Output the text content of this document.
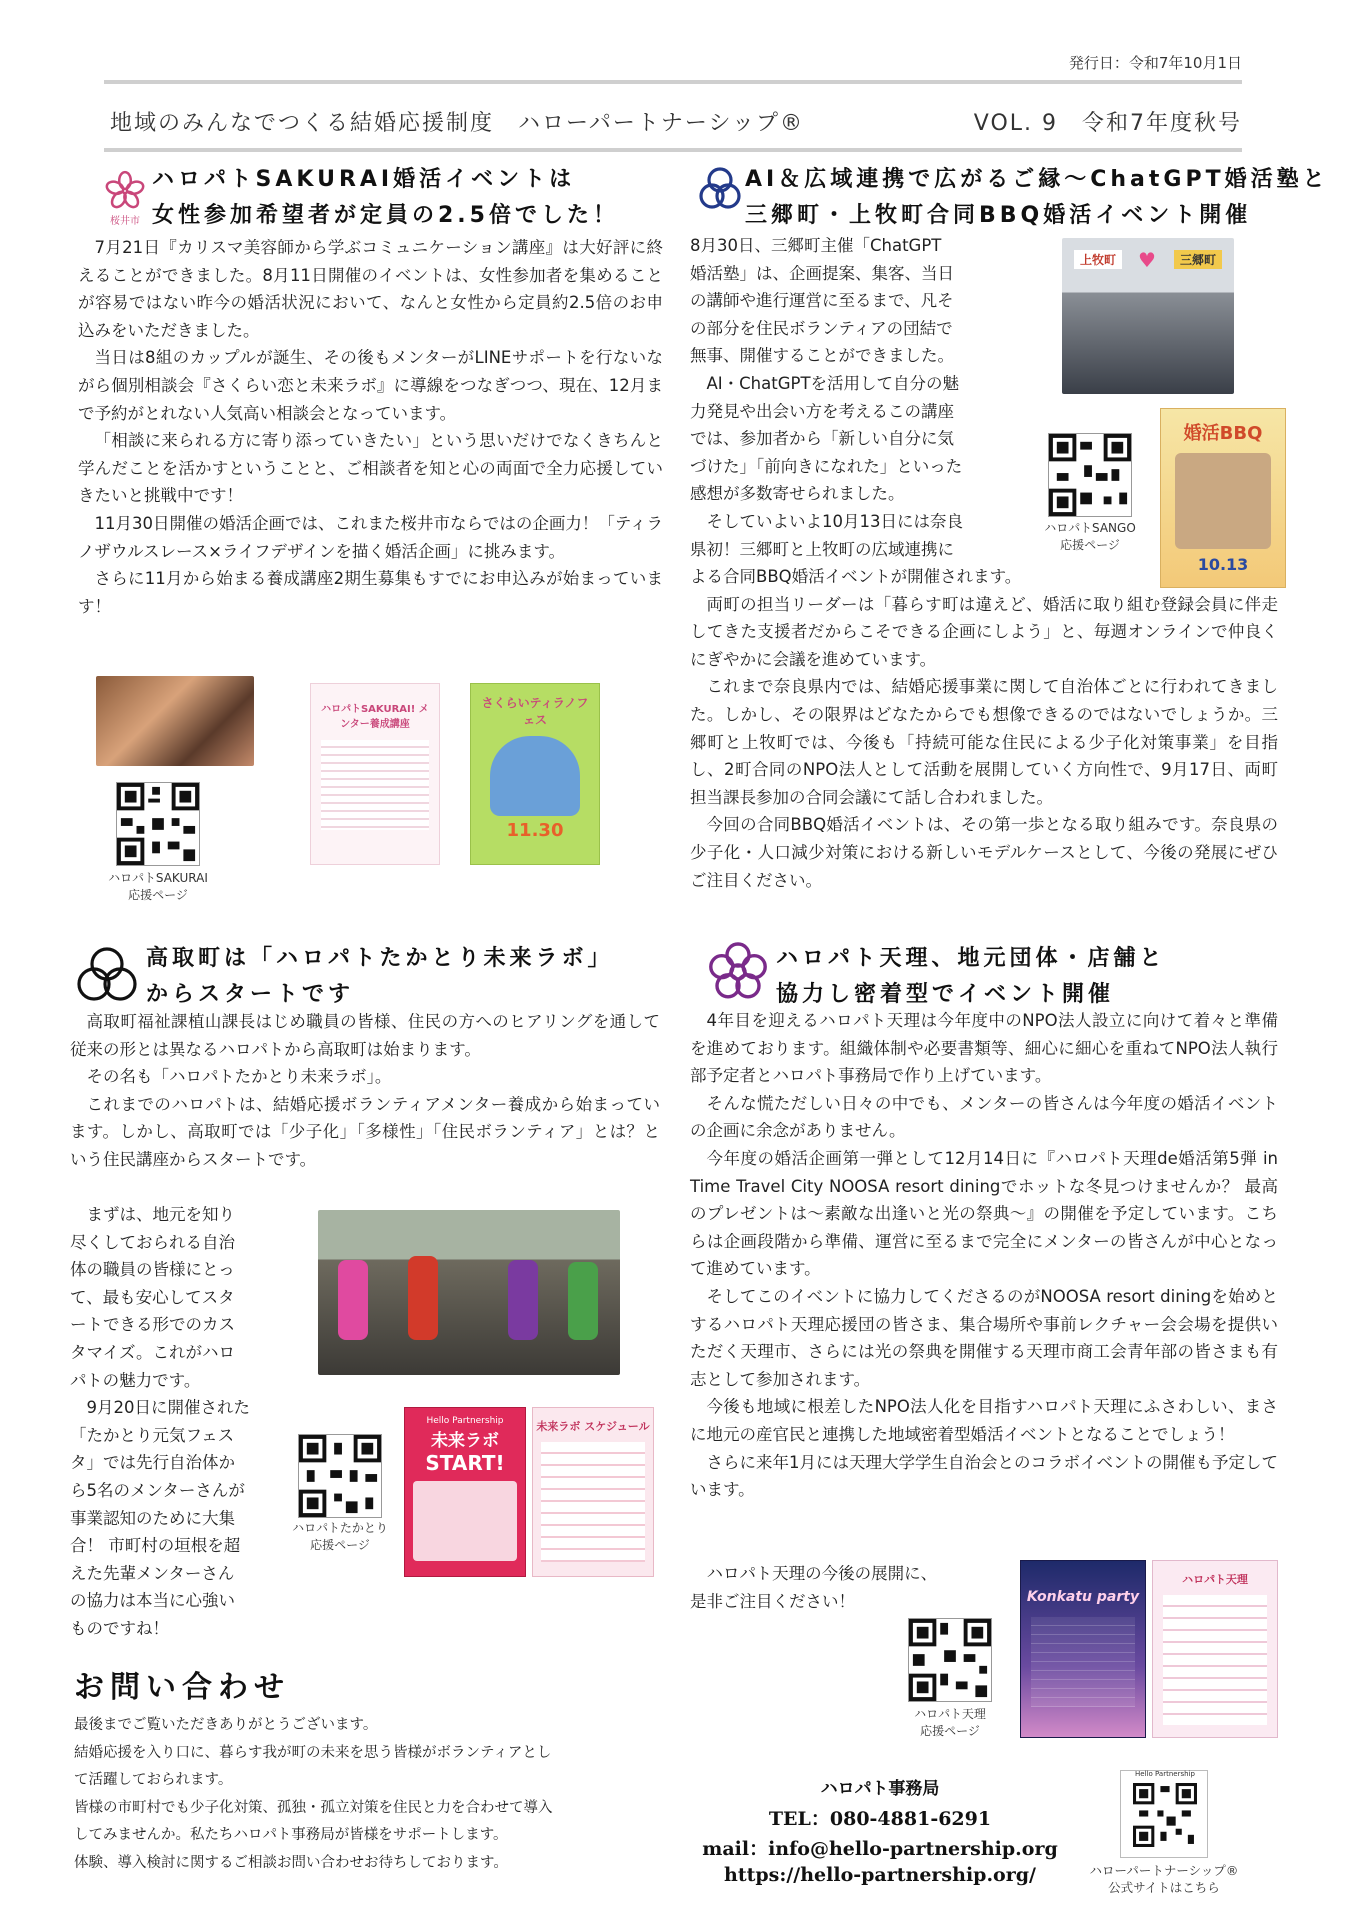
発行日：令和7年10月1日
地域のみんなでつくる結婚応援制度　ハローパートナーシップ®	VOL. 9　令和7年度秋号
桜井市
ハロパトSAKURAI婚活イベントは
女性参加希望者が定員の2.5倍でした！

7月21日『カリスマ美容師から学ぶコミュニケーション講座』は大好評に終えることができました。8月11日開催のイベントは、女性参加者を集めることが容易ではない昨今の婚活状況において、なんと女性から定員約2.5倍のお申込みをいただきました。

当日は8組のカップルが誕生、その後もメンターがLINEサポートを行ないながら個別相談会『さくらい恋と未来ラボ』に導線をつなぎつつ、現在、12月まで予約がとれない人気高い相談会となっています。

「相談に来られる方に寄り添っていきたい」という思いだけでなくきちんと学んだことを活かすということと、ご相談者を知と心の両面で全力応援していきたいと挑戦中です！

11月30日開催の婚活企画では、これまた桜井市ならではの企画力！「ティラノザウルスレース×ライフデザインを描く婚活企画」に挑みます。

さらに11月から始まる養成講座2期生募集もすでにお申込みが始まっています！

ハロパトSAKURAI
応援ページ
ハロパトSAKURAI! メンター養成講座
さくらいティラノフェス
11.30
AI＆広域連携で広がるご縁～ChatGPT婚活塾と
三郷町・上牧町合同BBQ婚活イベント開催

8月30日、三郷町主催「ChatGPT

婚活塾」は、企画提案、集客、当日

の講師や進行運営に至るまで、凡そ

の部分を住民ボランティアの団結で

無事、開催することができました。

　AI・ChatGPTを活用して自分の魅

力発見や出会い方を考えるこの講座

では、参加者から「新しい自分に気

づけた」「前向きになれた」といった

感想が多数寄せられました。

　そしていよいよ10月13日には奈良

県初！三郷町と上牧町の広域連携に

上牧町	♥	三郷町
ハロパトSANGO
応援ページ
婚活BBQ
10.13

よる合同BBQ婚活イベントが開催されます。

両町の担当リーダーは「暮らす町は違えど、婚活に取り組む登録会員に伴走してきた支援者だからこそできる企画にしよう」と、毎週オンラインで仲良くにぎやかに会議を進めています。

これまで奈良県内では、結婚応援事業に関して自治体ごとに行われてきました。しかし、その限界はどなたからでも想像できるのではないでしょうか。三郷町と上牧町では、今後も「持続可能な住民による少子化対策事業」を目指し、2町合同のNPO法人として活動を展開していく方向性で、9月17日、両町担当課長参加の合同会議にて話し合われました。

今回の合同BBQ婚活イベントは、その第一歩となる取り組みです。奈良県の少子化・人口減少対策における新しいモデルケースとして、今後の発展にぜひご注目ください。

高取町は「ハロパトたかとり未来ラボ」
からスタートです

高取町福祉課植山課長はじめ職員の皆様、住民の方へのヒアリングを通して従来の形とは異なるハロパトから高取町は始まります。

その名も「ハロパトたかとり未来ラボ」。

これまでのハロパトは、結婚応援ボランティアメンター養成から始まっています。しかし、高取町では「少子化」「多様性」「住民ボランティア」とは？という住民講座からスタートです。

　まずは、地元を知り

尽くしておられる自治

体の職員の皆様にとっ

て、最も安心してスタ

ートできる形でのカス

タマイズ。これがハロ

パトの魅力です。

　9月20日に開催された

「たかとり元気フェス

タ」では先行自治体か

ら5名のメンターさんが

事業認知のために大集

合！ 市町村の垣根を超

えた先輩メンターさん

の協力は本当に心強い

ものですね！

ハロパトたかとり
応援ページ
Hello Partnership
未来ラボ
START!
未来ラボ スケジュール
ハロパト天理、地元団体・店舗と
協力し密着型でイベント開催

4年目を迎えるハロパト天理は今年度中のNPO法人設立に向けて着々と準備を進めております。組織体制や必要書類等、細心に細心を重ねてNPO法人執行部予定者とハロパト事務局で作り上げています。

そんな慌ただしい日々の中でも、メンターの皆さんは今年度の婚活イベントの企画に余念がありません。

今年度の婚活企画第一弾として12月14日に『ハロパト天理de婚活第5弾 in Time Travel City NOOSA resort diningでホットな冬見つけませんか？ 最高のプレゼントは～素敵な出逢いと光の祭典～』の開催を予定しています。こちらは企画段階から準備、運営に至るまで完全にメンターの皆さんが中心となって進めています。

そしてこのイベントに協力してくださるのがNOOSA resort diningを始めとするハロパト天理応援団の皆さま、集合場所や事前レクチャー会会場を提供いただく天理市、さらには光の祭典を開催する天理市商工会青年部の皆さまも有志として参加されます。

今後も地域に根差したNPO法人化を目指すハロパト天理にふさわしい、まさに地元の産官民と連携した地域密着型婚活イベントとなることでしょう！

さらに来年1月には天理大学学生自治会とのコラボイベントの開催も予定しています。

ハロパト天理の今後の展開に、

是非ご注目ください！

ハロパト天理
応援ページ
Konkatu party
ハロパト天理
お問い合わせ
最後までご覧いただきありがとうございます。
結婚応援を入り口に、暮らす我が町の未来を思う皆様がボランティアとし
て活躍しておられます。
皆様の市町村でも少子化対策、孤独・孤立対策を住民と力を合わせて導入
してみませんか。私たちハロパト事務局が皆様をサポートします。
体験、導入検討に関するご相談お問い合わせお待ちしております。
ハロパト事務局
TEL：080-4881-6291
mail：info@hello-partnership.org
https://hello-partnership.org/
Hello Partnership
ハローパートナーシップ®
公式サイトはこちら
